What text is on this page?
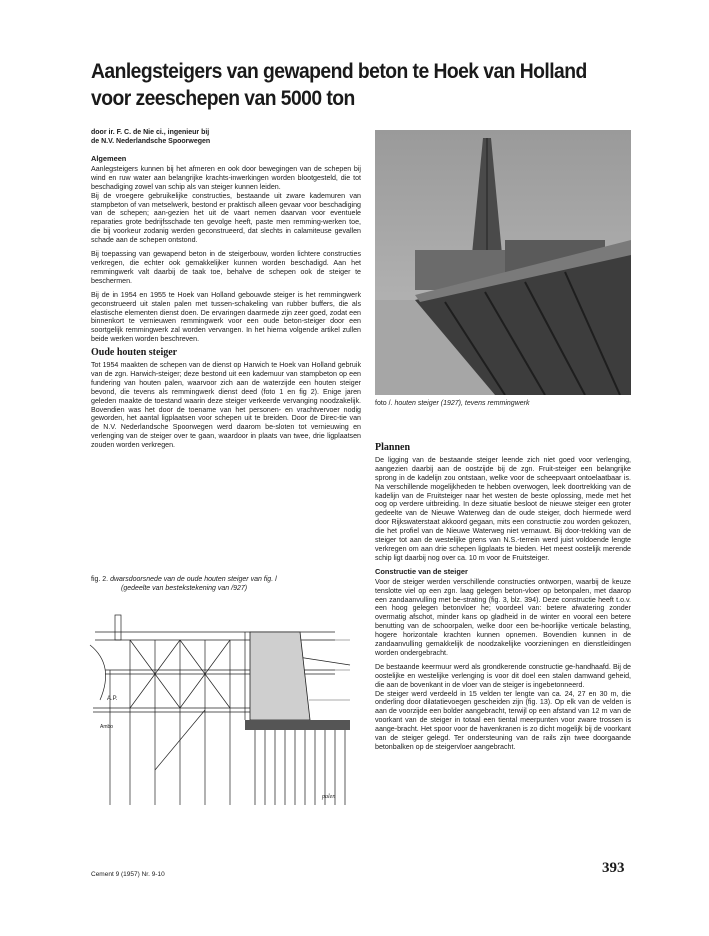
Aanlegsteigers van gewapend beton te Hoek van Holland
voor zeeschepen van 5000 ton
door ir. F. C. de Nie ci., ingenieur bij
de N.V. Nederlandsche Spoorwegen
Algemeen

Aanlegsteigers kunnen bij het afmeren en ook door bewegingen van de schepen bij wind en ruw water aan belangrijke krachts-inwerkingen worden blootgesteld, die tot beschadiging zowel van schip als van steiger kunnen leiden.

Bij de vroegere gebruikelijke constructies, bestaande uit zware kademuren van stampbeton of van metselwerk, bestond er praktisch alleen gevaar voor beschadiging van de schepen; aan-gezien het uit de vaart nemen daarvan voor eventuele reparaties grote bedrijfsschade ten gevolge heeft, paste men remming-werken toe, die bij voorkeur zodanig werden geconstrueerd, dat slechts in calamiteuse gevallen schade aan de schepen ontstond.

Bij toepassing van gewapend beton in de steigerbouw, worden lichtere constructies verkregen, die echter ook gemakkelijker kunnen worden beschadigd. Aan het remmingwerk valt daarbij de taak toe, behalve de schepen ook de steiger te beschermen.

Bij de in 1954 en 1955 te Hoek van Holland gebouwde steiger is het remmingwerk geconstrueerd uit stalen palen met tussen-schakeling van rubber buffers, die als elastische elementen dienst doen. De ervaringen daarmede zijn zeer goed, zodat een binnenkort te vernieuwen remmingwerk voor een oude beton-steiger door een soortgelijk remmingwerk zal worden vervangen. In het hierna volgende artikel zullen beide werken worden beschreven.

Oude houten steiger

Tot 1954 maakten de schepen van de dienst op Harwich te Hoek van Holland gebruik van de zgn. Harwich-steiger; deze bestond uit een kademuur van stampbeton op een fundering van houten palen, waarvoor zich aan de waterzijde een houten steiger bevond, die tevens als remmingwerk dienst deed (foto 1 en fig 2). Enige jaren geleden maakte de toestand waarin deze steiger verkeerde vervanging noodzakelijk. Bovendien was het door de toename van het personen- en vrachtvervoer nodig geworden, het aantal ligplaatsen voor schepen uit te breiden. Door de Direc-tie van de N.V. Nederlandsche Spoorwegen werd daarom be-sloten tot vernieuwing en verlenging van de steiger over te gaan, waardoor in plaats van twee, drie ligplaatsen zouden worden verkregen.

fig. 2. dwarsdoorsnede van de oude houten steiger van fig. l
(gedeelte van bestekstekening van /927)
Ambo
A.P.
palen
foto /. houten steiger (1927), tevens remmingwerk
Plannen

De ligging van de bestaande steiger leende zich niet goed voor verlenging, aangezien daarbij aan de oostzijde bij de zgn. Fruit-steiger een belangrijke sprong in de kadelijn zou ontstaan, welke voor de scheepvaart ontoelaatbaar is. Na verschillende mogelijkheden te hebben overwogen, leek doortrekking van de kadelijn van de Fruitsteiger naar het westen de beste oplossing, mede met het oog op verdere uitbreiding. In deze situatie besloot de nieuwe steiger een groter gedeelte van de Nieuwe Waterweg dan de oude steiger, doch hiermede werd door Rijkswaterstaat akkoord gegaan, mits een constructie zou worden gekozen, die het profiel van de Nieuwe Waterweg niet vernauwt. Bij door-trekking van de steiger tot aan de westelijke grens van N.S.-terrein werd juist voldoende lengte verkregen om aan drie schepen ligplaats te bieden. Het meest oostelijk merende schip ligt daarbij nog over ca. 10 m voor de Fruitsteiger.

Constructie van de steiger

Voor de steiger werden verschillende constructies ontworpen, waarbij de keuze tenslotte viel op een zgn. laag gelegen beton-vloer op betonpalen, met daarop een zandaanvulling met be-strating (fig. 3, blz. 394). Deze constructie heeft t.o.v. een hoog gelegen betonvloer he; voordeel van: betere afwatering zonder overmatig afschot, minder kans op gladheid in de winter en vooral een betere benutting van de schoorpalen, welke door een be-hoorlijke verticale belasting, hogere horizontale krachten kunnen opnemen. Bovendien kunnen in de zandaanvulling gemakkelijk de noodzakelijke voorzieningen en dienstleidingen worden ondergebracht.

De bestaande keermuur werd als grondkerende constructie ge-handhaafd. Bij de oostelijke en westelijke verlenging is voor dit doel een stalen damwand geheid, die aan de bovenkant in de vloer van de steiger is ingebetonneerd.

De steiger werd verdeeld in 15 velden ter lengte van ca. 24, 27 en 30 m, die onderling door dilatatievoegen gescheiden zijn (fig. 13). Op elk van de velden is aan de voorzijde een bolder aangebracht, terwijl op een afstand van 12 m van de voorkant van de steiger in totaal een tiental meerpunten voor zware trossen is aange-bracht. Het spoor voor de havenkranen is zo dicht mogelijk bij de voorkant van de steiger gelegd. Ter ondersteuning van de rails zijn twee doorgaande betonbalken op de steigervloer aangebracht.

Cement 9 (1957) Nr. 9-10	393
